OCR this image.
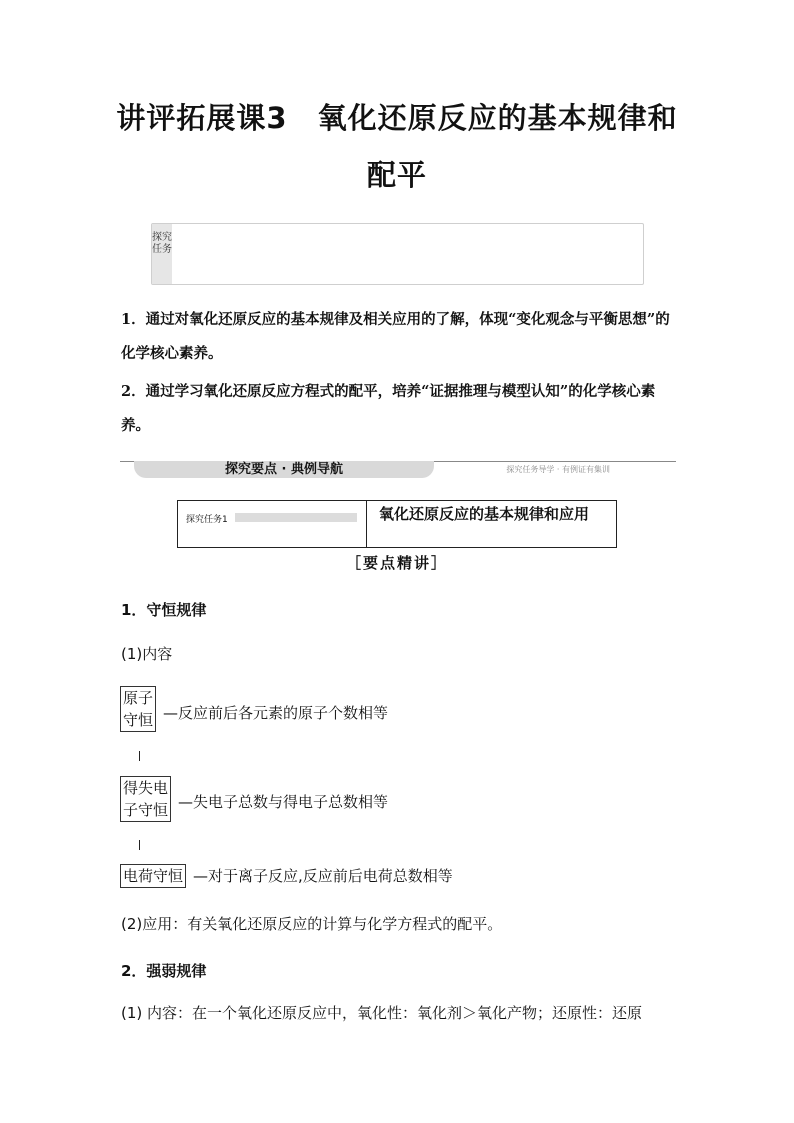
讲评拓展课3　氧化还原反应的基本规律和
配平
探究任务
1．通过对氧化还原反应的基本规律及相关应用的了解，体现“变化观念与平衡思想”的化学核心素养。
2．通过学习氧化还原反应方程式的配平，培养“证据推理与模型认知”的化学核心素养。
探究要点 · 典例导航	探究任务导学 · 有例证有集训
探究任务1	氧化还原反应的基本规律和应用
［要点精讲］
1．守恒规律
(1)内容
原子
守恒 —反应前后各元素的原子个数相等
得失电
子守恒 —失电子总数与得电子总数相等
电荷守恒 —对于离子反应,反应前后电荷总数相等
(2)应用：有关氧化还原反应的计算与化学方程式的配平。
2．强弱规律
(1) 内容：在一个氧化还原反应中，氧化性：氧化剂＞氧化产物；还原性：还原
